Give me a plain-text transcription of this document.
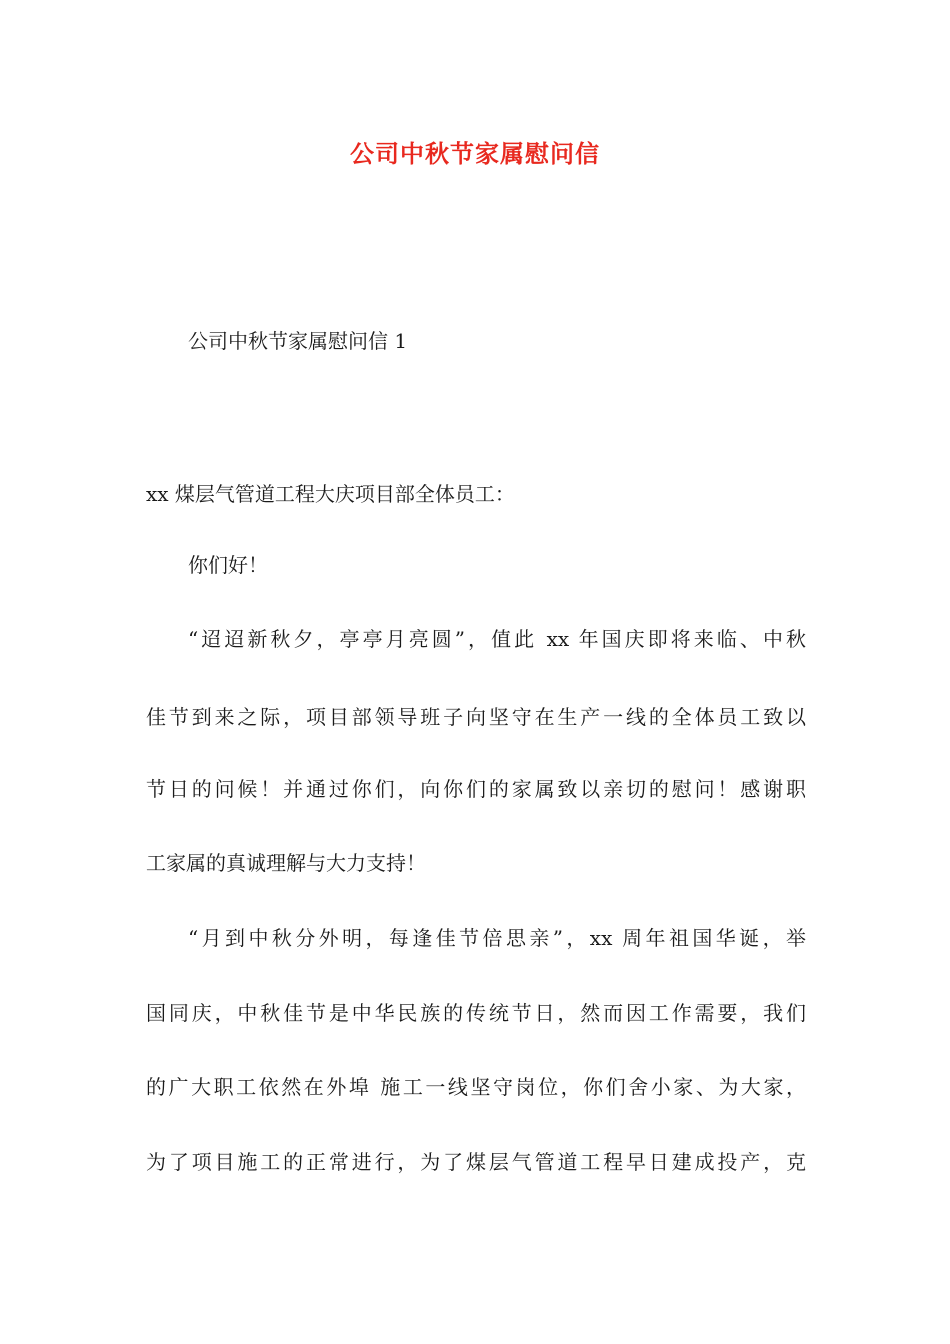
公司中秋节家属慰问信
公司中秋节家属慰问信 1
xx 煤层气管道工程大庆项目部全体员工：
你们好！
“迢迢新秋夕，亭亭月亮圆”，值此 xx 年国庆即将来临、中秋
佳节到来之际，项目部领导班子向坚守在生产一线的全体员工致以
节日的问候！并通过你们，向你们的家属致以亲切的慰问！感谢职
工家属的真诚理解与大力支持！
“月到中秋分外明，每逢佳节倍思亲”，xx 周年祖国华诞，举
国同庆，中秋佳节是中华民族的传统节日，然而因工作需要，我们
的广大职工依然在外埠 施工一线坚守岗位，你们舍小家、为大家，
为了项目施工的正常进行，为了煤层气管道工程早日建成投产，克
